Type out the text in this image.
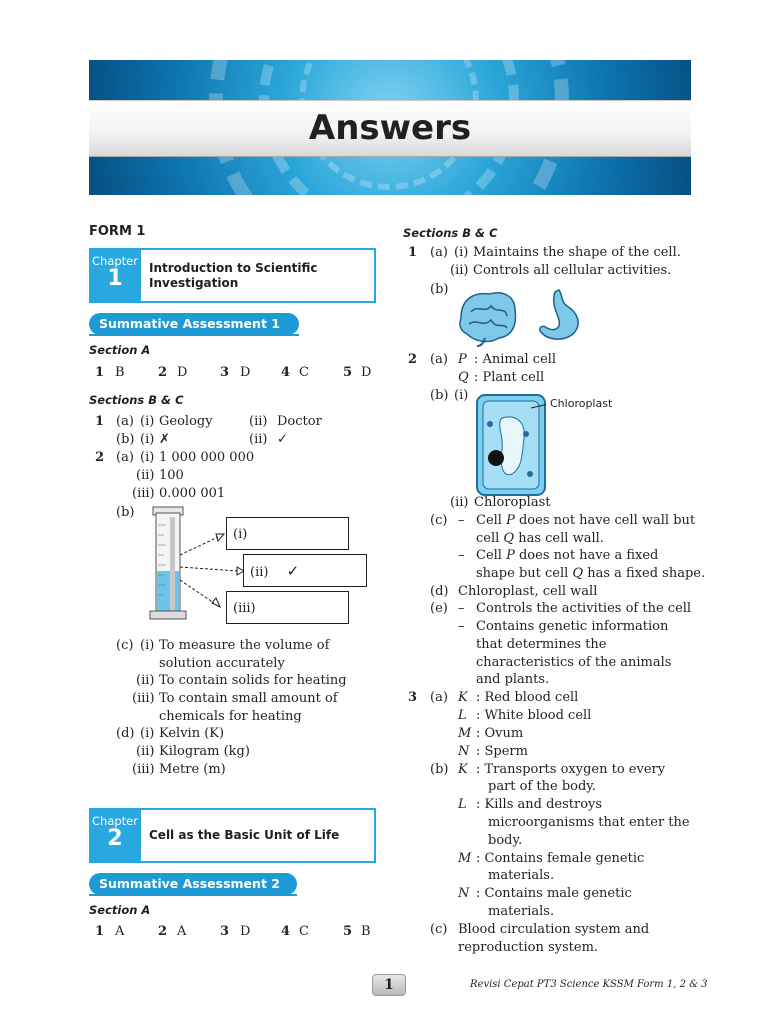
Answers
FORM 1
Chapter
1	Introduction to Scientific
Investigation
Summative Assessment 1
Section A
1 B	2 D	3 D 4 C	5 D
Sections B & C
1 (a) (i) Geology	(ii) Doctor
(b) (i) ✗	(ii) ✓
2 (a) (i) 1 000 000 000
(ii) 100
(iii) 0.000 001
(b)
(i)
(ii) ✓
(iii)
(c) (i) To measure the volume of
solution accurately
(ii) To contain solids for heating
(iii) To contain small amount of
chemicals for heating
(d) (i) Kelvin (K)
(ii) Kilogram (kg)
(iii) Metre (m)
Chapter
2	Cell as the Basic Unit of Life
Summative Assessment 2
Section A
1 A	2 A	3 D 4 C	5 B
Sections B & C
1 (a) (i) Maintains the shape of the cell.
(ii) Controls all cellular activities.
(b)
2 (a) P : Animal cell
Q : Plant cell
(b) (i)
Chloroplast
(ii) Chloroplast
(c) – Cell P does not have cell wall but
cell Q has cell wall.
– Cell P does not have a fixed
shape but cell Q has a fixed shape.
(d) Chloroplast, cell wall
(e) – Controls the activities of the cell
– Contains genetic information
that determines the
characteristics of the animals
and plants.
3 (a) K : Red blood cell
L : White blood cell
M : Ovum
N : Sperm
(b) K : Transports oxygen to every
part of the body.
L : Kills and destroys
microorganisms that enter the
body.
M : Contains female genetic
materials.
N : Contains male genetic
materials.
(c) Blood circulation system and
reproduction system.
1	Revisi Cepat PT3 Science KSSM Form 1, 2 & 3
